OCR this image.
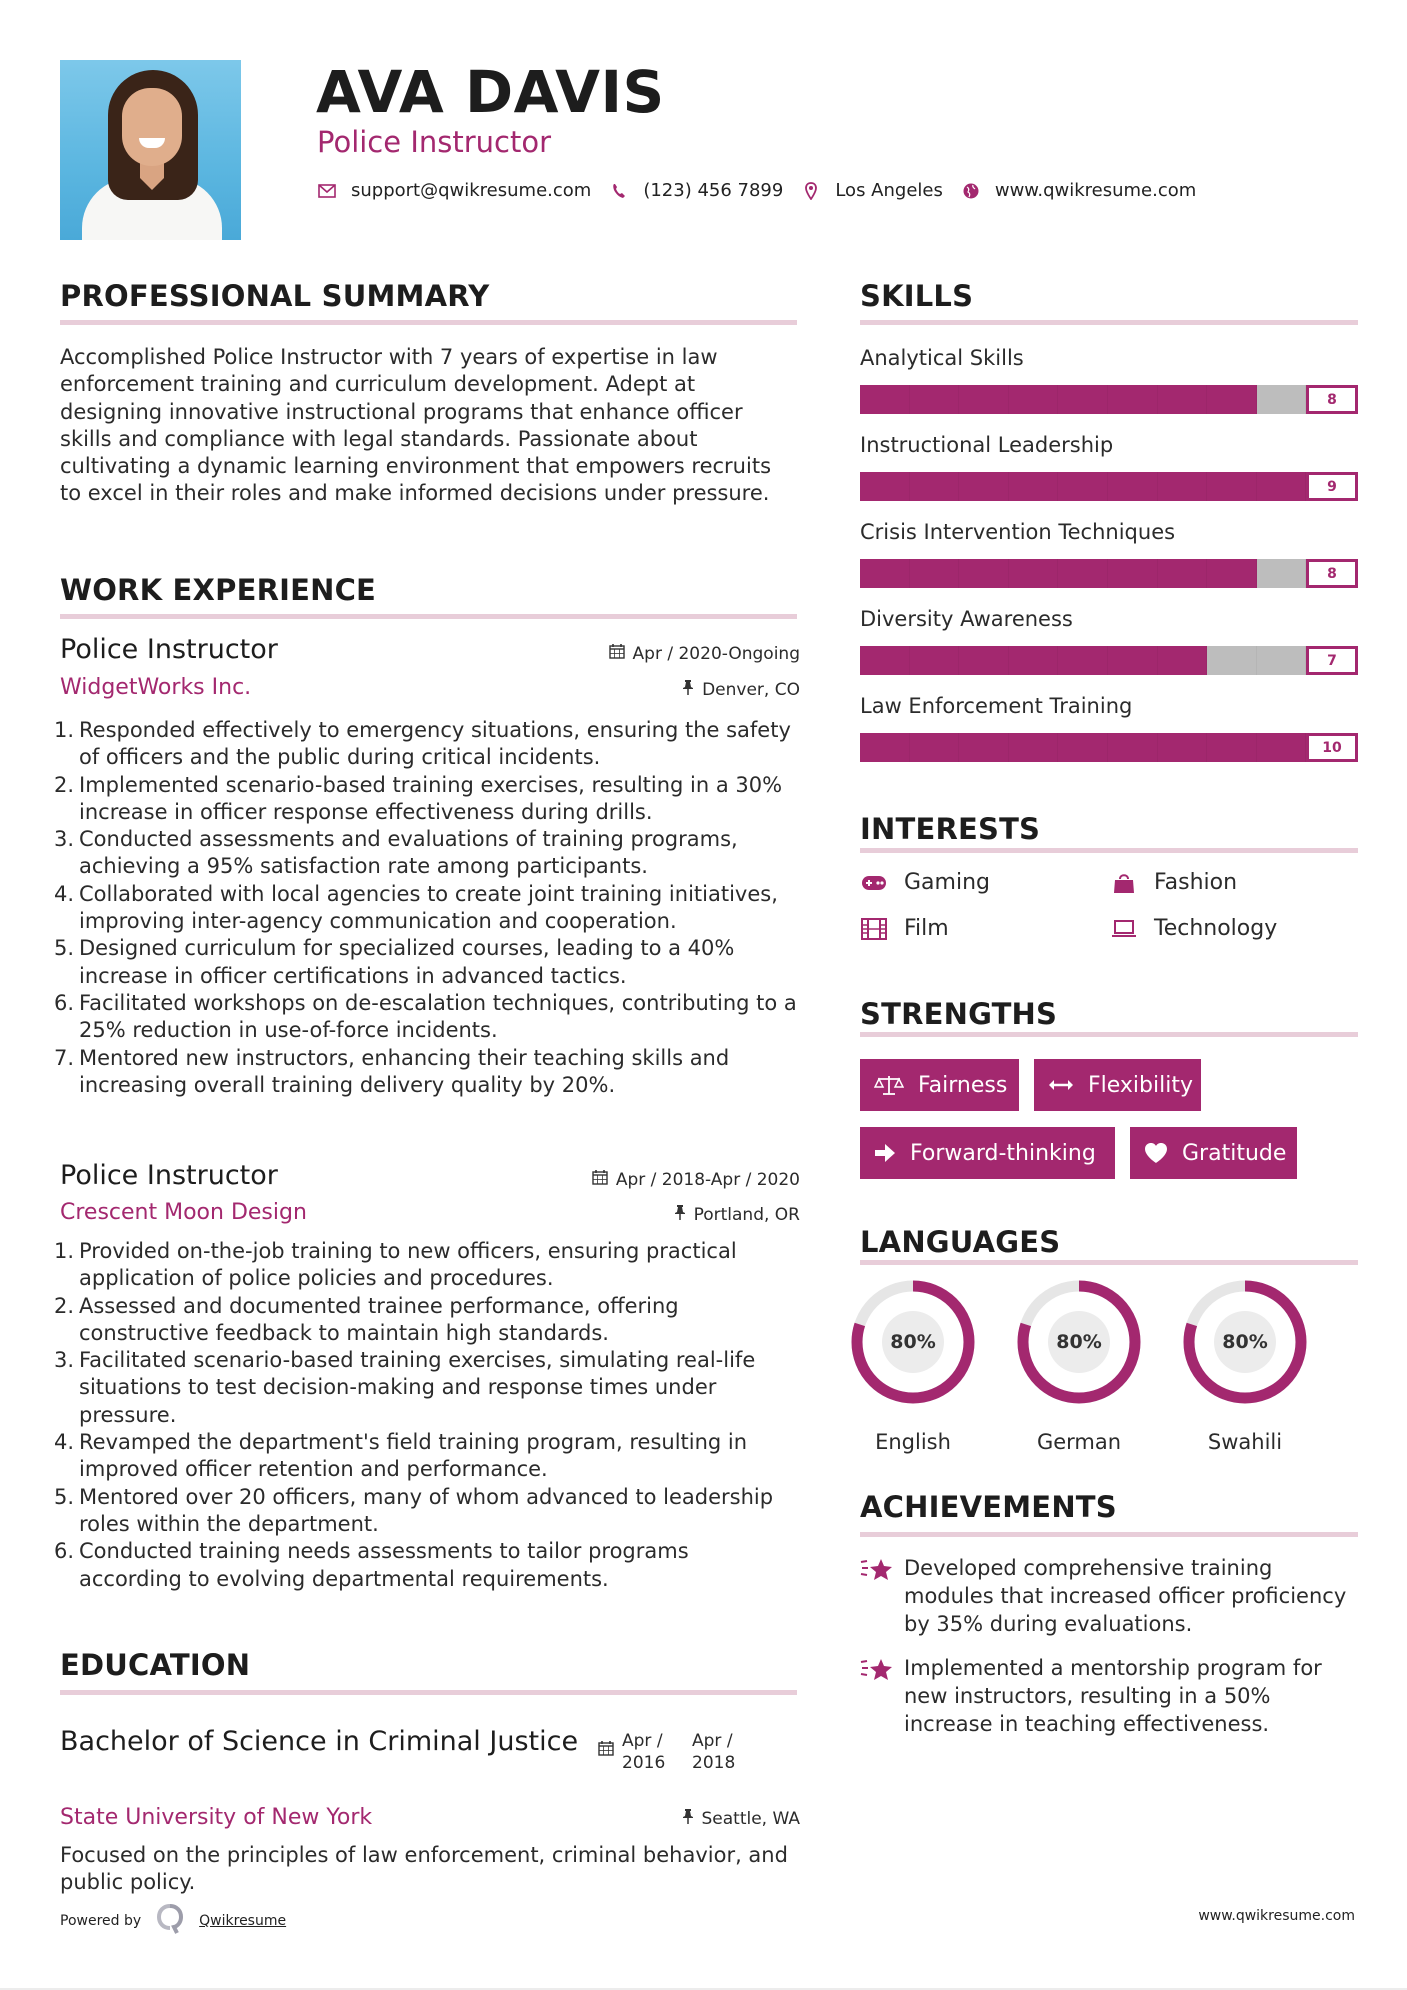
AVA DAVIS
Police Instructor
support@qwikresume.com	(123) 456 7899	Los Angeles	www.qwikresume.com
PROFESSIONAL SUMMARY
Accomplished Police Instructor with 7 years of expertise in law enforcement training and curriculum development. Adept at designing innovative instructional programs that enhance officer skills and compliance with legal standards. Passionate about cultivating a dynamic learning environment that empowers recruits to excel in their roles and make informed decisions under pressure.
WORK EXPERIENCE
Police Instructor	Apr / 2020-Ongoing
WidgetWorks Inc.	Denver, CO
1. Responded effectively to emergency situations, ensuring the safety of officers and the public during critical incidents.
2. Implemented scenario-based training exercises, resulting in a 30% increase in officer response effectiveness during drills.
3. Conducted assessments and evaluations of training programs, achieving a 95% satisfaction rate among participants.
4. Collaborated with local agencies to create joint training initiatives, improving inter-agency communication and cooperation.
5. Designed curriculum for specialized courses, leading to a 40% increase in officer certifications in advanced tactics.
6. Facilitated workshops on de-escalation techniques, contributing to a 25% reduction in use-of-force incidents.
7. Mentored new instructors, enhancing their teaching skills and increasing overall training delivery quality by 20%.
Police Instructor	Apr / 2018-Apr / 2020
Crescent Moon Design	Portland, OR
1. Provided on-the-job training to new officers, ensuring practical application of police policies and procedures.
2. Assessed and documented trainee performance, offering constructive feedback to maintain high standards.
3. Facilitated scenario-based training exercises, simulating real-life situations to test decision-making and response times under pressure.
4. Revamped the department's field training program, resulting in improved officer retention and performance.
5. Mentored over 20 officers, many of whom advanced to leadership roles within the department.
6. Conducted training needs assessments to tailor programs according to evolving departmental requirements.
EDUCATION
Bachelor of Science in Criminal Justice	Apr /
2016
Apr /
2018
State University of New York	Seattle, WA
Focused on the principles of law enforcement, criminal behavior, and public policy.
SKILLS
Analytical Skills
8
Instructional Leadership
9
Crisis Intervention Techniques
8
Diversity Awareness
7
Law Enforcement Training
10
INTERESTS
Gaming	Fashion
Film	Technology
STRENGTHS
Fairness	Flexibility
Forward-thinking	Gratitude
LANGUAGES
80%
English
80%
German
80%
Swahili
ACHIEVEMENTS
Developed comprehensive training modules that increased officer proficiency by 35% during evaluations.
Implemented a mentorship program for new instructors, resulting in a 50% increase in teaching effectiveness.
Powered by	Qwikresume	www.qwikresume.com
